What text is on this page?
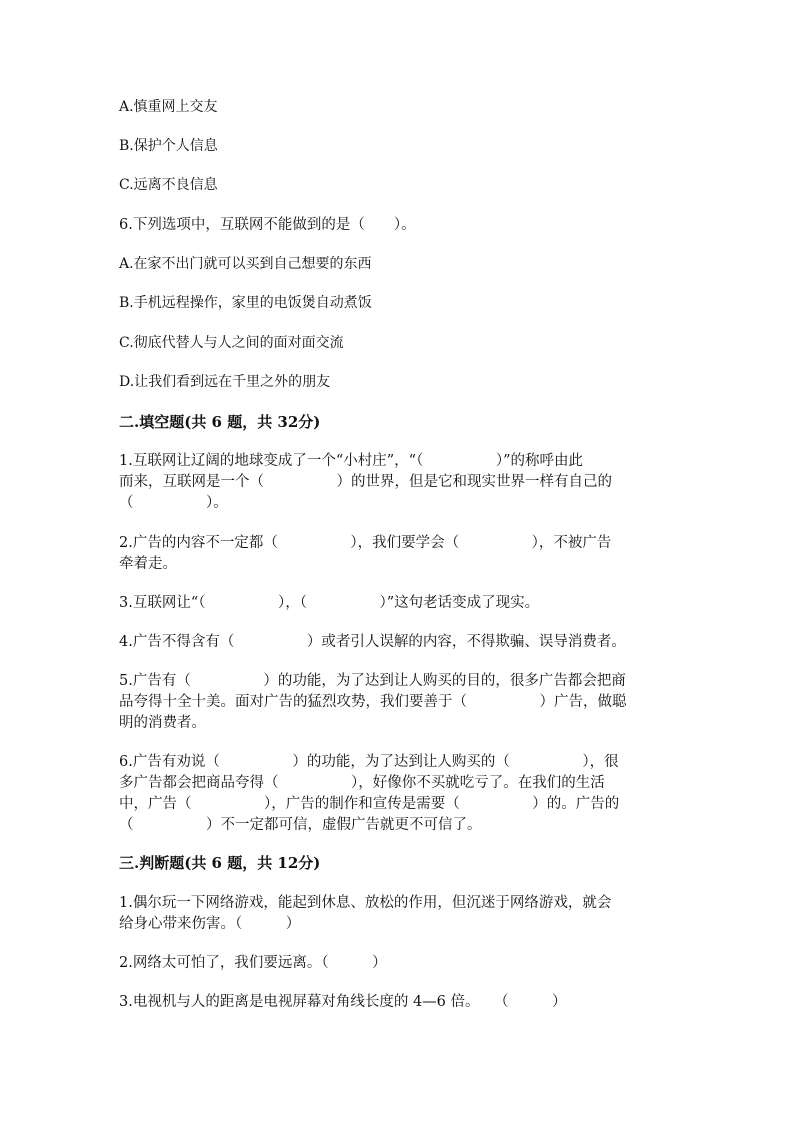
A.慎重网上交友
B.保护个人信息
C.远离不良信息
6.下列选项中，互联网不能做到的是（　　）。
A.在家不出门就可以买到自己想要的东西
B.手机远程操作，家里的电饭煲自动煮饭
C.彻底代替人与人之间的面对面交流
D.让我们看到远在千里之外的朋友
二.填空题(共 6 题，共 32分)
1.互联网让辽阔的地球变成了一个“小村庄”，“（　　　　　）”的称呼由此
而来，互联网是一个（　　　　　）的世界，但是它和现实世界一样有自己的
（　　　　　）。
2.广告的内容不一定都（　　　　　），我们要学会（　　　　　），不被广告
牵着走。
3.互联网让“（　　　　　），（　　　　　）”这句老话变成了现实。
4.广告不得含有（　　　　　）或者引人误解的内容，不得欺骗、误导消费者。
5.广告有（　　　　　）的功能，为了达到让人购买的目的，很多广告都会把商
品夸得十全十美。面对广告的猛烈攻势，我们要善于（　　　　　）广告，做聪
明的消费者。
6.广告有劝说（　　　　　）的功能，为了达到让人购买的（　　　　　），很
多广告都会把商品夸得（　　　　　），好像你不买就吃亏了。在我们的生活
中，广告（　　　　　），广告的制作和宣传是需要（　　　　　）的。广告的
（　　　　　）不一定都可信，虚假广告就更不可信了。
三.判断题(共 6 题，共 12分)
1.偶尔玩一下网络游戏，能起到休息、放松的作用，但沉迷于网络游戏，就会
给身心带来伤害。（　　　）
2.网络太可怕了，我们要远离。（　　　）
3.电视机与人的距离是电视屏幕对角线长度的 4—6 倍。　　（　　　）
